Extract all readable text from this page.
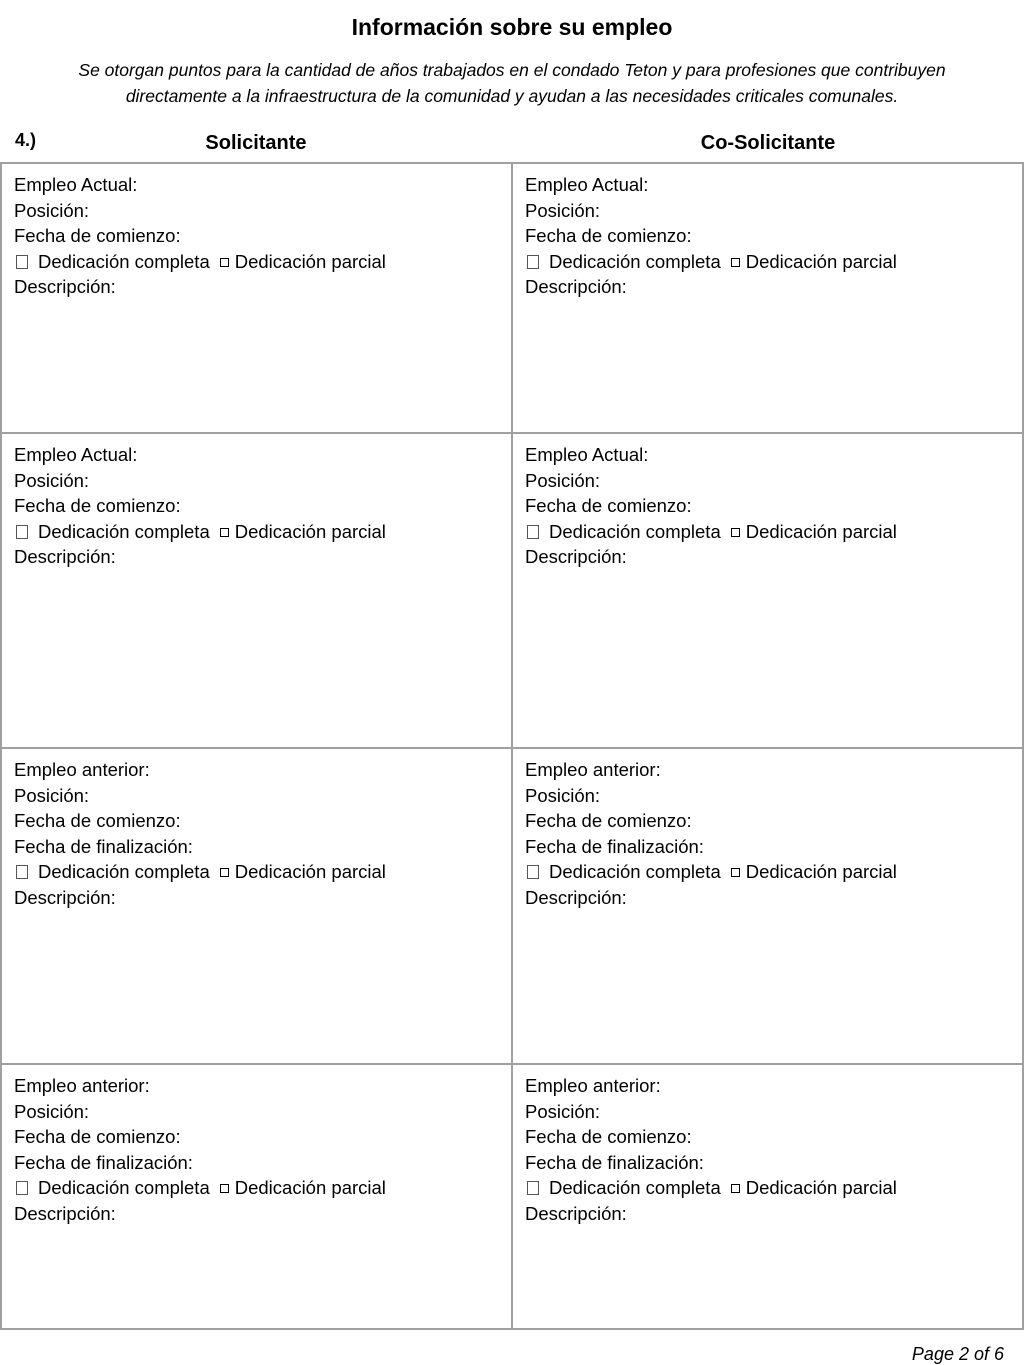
Información sobre su empleo
Se otorgan puntos para la cantidad de años trabajados en el condado Teton y para profesiones que contribuyen
directamente a la infraestructura de la comunidad y ayudan a las necesidades criticales comunales.
4.)	Solicitante	Co-Solicitante
Empleo Actual:
Posición:
Fecha de comienzo:
Dedicación completa Dedicación parcial
Descripción:
Empleo Actual:
Posición:
Fecha de comienzo:
Dedicación completa Dedicación parcial
Descripción:
Empleo Actual:
Posición:
Fecha de comienzo:
Dedicación completa Dedicación parcial
Descripción:
Empleo Actual:
Posición:
Fecha de comienzo:
Dedicación completa Dedicación parcial
Descripción:
Empleo anterior:
Posición:
Fecha de comienzo:
Fecha de finalización:
Dedicación completa Dedicación parcial
Descripción:
Empleo anterior:
Posición:
Fecha de comienzo:
Fecha de finalización:
Dedicación completa Dedicación parcial
Descripción:
Empleo anterior:
Posición:
Fecha de comienzo:
Fecha de finalización:
Dedicación completa Dedicación parcial
Descripción:
Empleo anterior:
Posición:
Fecha de comienzo:
Fecha de finalización:
Dedicación completa Dedicación parcial
Descripción:
Page 2 of 6
